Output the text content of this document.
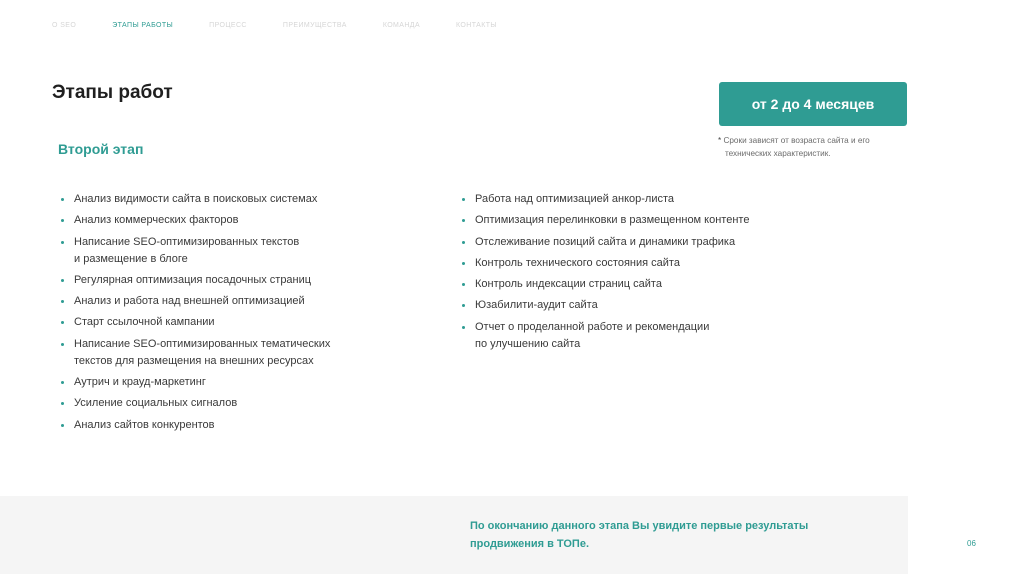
О SEO	ЭТАПЫ РАБОТЫ	ПРОЦЕСС	ПРЕИМУЩЕСТВА	КОМАНДА	КОНТАКТЫ
Этапы работ
от 2 до 4 месяцев
* Сроки зависят от возраста сайта и его
технических характеристик.
Второй этап
Анализ видимости сайта в поисковых системах
Анализ коммерческих факторов
Написание SEO-оптимизированных текстов
и размещение в блоге
Регулярная оптимизация посадочных страниц
Анализ и работа над внешней оптимизацией
Старт ссылочной кампании
Написание SEO-оптимизированных тематических
текстов для размещения на внешних ресурсах
Аутрич и крауд-маркетинг
Усиление социальных сигналов
Анализ сайтов конкурентов
Работа над оптимизацией анкор-листа
Оптимизация перелинковки в размещенном контенте
Отслеживание позиций сайта и динамики трафика
Контроль технического состояния сайта
Контроль индексации страниц сайта
Юзабилити-аудит сайта
Отчет о проделанной работе и рекомендации
по улучшению сайта
По окончанию данного этапа Вы увидите первые результаты
продвижения в ТОПе.	06
